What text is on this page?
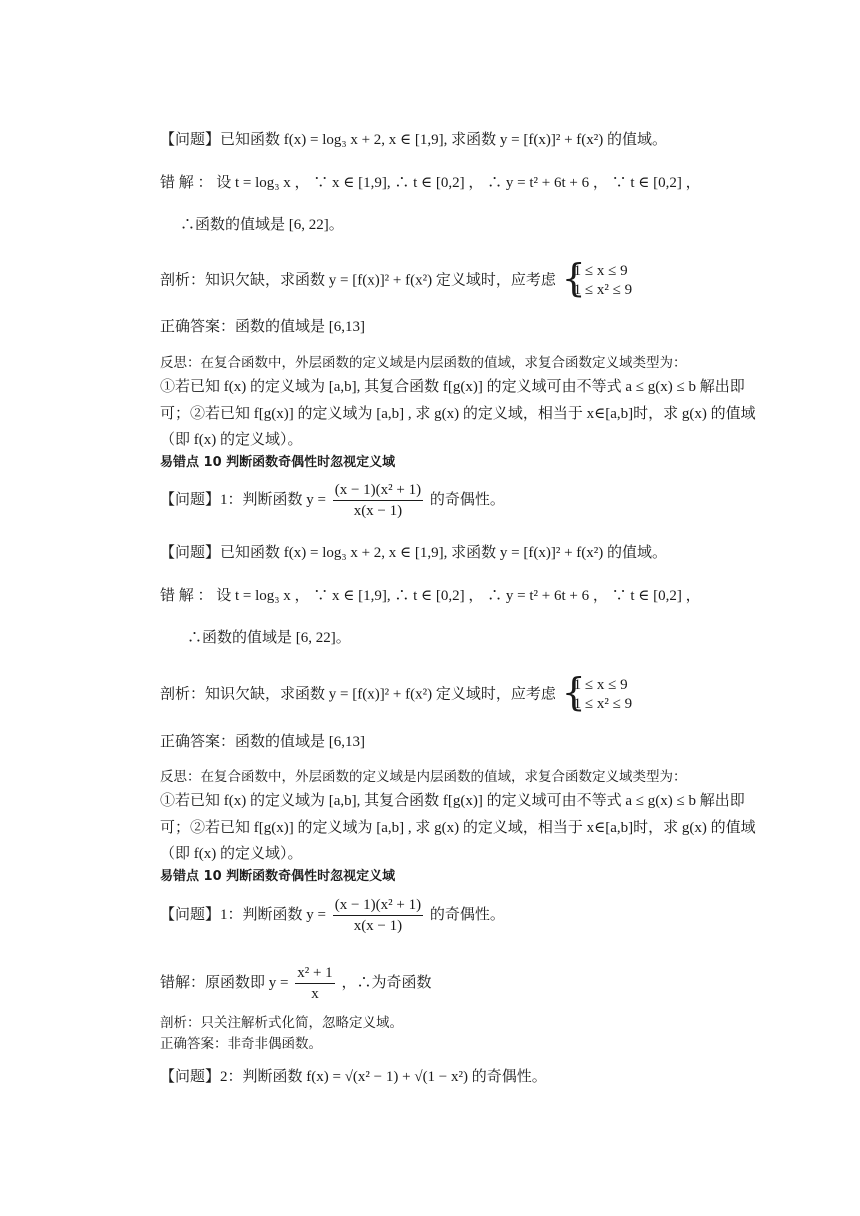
【问题】已知函数 f(x) = log₃ x + 2, x ∈ [1,9], 求函数 y = [f(x)]² + f(x²) 的值域。
错 解 ： 设 t = log₃ x ， ∵ x ∈ [1,9], ∴ t ∈ [0,2] ， ∴ y = t² + 6t + 6 ， ∵ t ∈ [0,2] ，
∴函数的值域是 [6, 22]。
剖析：知识欠缺，求函数 y = [f(x)]² + f(x²) 定义域时，应考虑 {
1 ≤ x ≤ 9
1 ≤ x² ≤ 9
正确答案：函数的值域是 [6,13]
反思：在复合函数中，外层函数的定义域是内层函数的值域，求复合函数定义域类型为：
①若已知 f(x) 的定义域为 [a,b], 其复合函数 f[g(x)] 的定义域可由不等式 a ≤ g(x) ≤ b 解出即
可；②若已知 f[g(x)] 的定义域为 [a,b] , 求 g(x) 的定义域，相当于 x∈[a,b]时，求 g(x) 的值域
（即 f(x) 的定义域）。
易错点 10 判断函数奇偶性时忽视定义域
【问题】1：判断函数 $y = \frac{\text{(x − 1)(x² + 1)}}{x(x - 1)}$ 的奇偶性。
【问题】已知函数 f(x) = log₃ x + 2, x ∈ [1,9], 求函数 y = [f(x)]² + f(x²) 的值域。
错 解 ： 设 t = log₃ x ， ∵ x ∈ [1,9], ∴ t ∈ [0,2] ， ∴ y = t² + 6t + 6 ， ∵ t ∈ [0,2] ，
∴函数的值域是 [6, 22]。
剖析：知识欠缺，求函数 y = [f(x)]² + f(x²) 定义域时，应考虑 {
1 ≤ x ≤ 9
1 ≤ x² ≤ 9
正确答案：函数的值域是 [6,13]
反思：在复合函数中，外层函数的定义域是内层函数的值域，求复合函数定义域类型为：
①若已知 f(x) 的定义域为 [a,b], 其复合函数 f[g(x)] 的定义域可由不等式 a ≤ g(x) ≤ b 解出即
可；②若已知 f[g(x)] 的定义域为 [a,b] , 求 g(x) 的定义域，相当于 x∈[a,b]时，求 g(x) 的值域
（即 f(x) 的定义域）。
易错点 10 判断函数奇偶性时忽视定义域
【问题】1：判断函数 $y = \frac{\text{(x − 1)(x² + 1)}}{x(x - 1)}$ 的奇偶性。
错解：原函数即 $y = \frac{\text{x² + 1}}{x}$ ，∴为奇函数
剖析：只关注解析式化简，忽略定义域。
正确答案：非奇非偶函数。
【问题】2：判断函数 f(x) = √(x² − 1) + √(1 − x²) 的奇偶性。
